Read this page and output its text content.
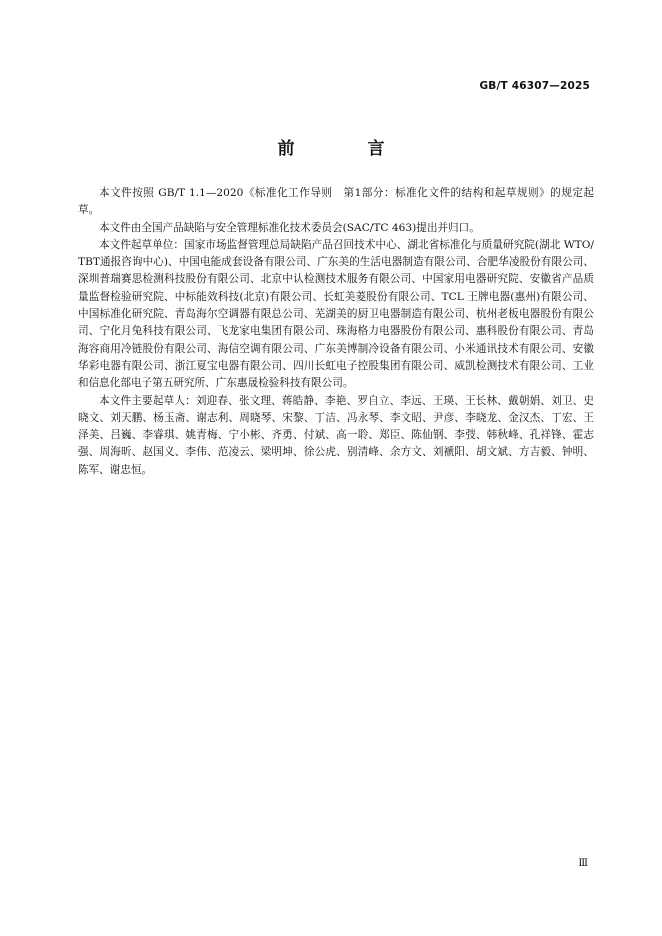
GB/T 46307—2025
前　言

本文件按照 GB/T 1.1—2020《标准化工作导则　第1部分：标准化文件的结构和起草规则》的规定起草。

本文件由全国产品缺陷与安全管理标准化技术委员会(SAC/TC 463)提出并归口。

本文件起草单位：国家市场监督管理总局缺陷产品召回技术中心、湖北省标准化与质量研究院(湖北 WTO/TBT通报咨询中心)、中国电能成套设备有限公司、广东美的生活电器制造有限公司、合肥华凌股份有限公司、深圳普瑞赛思检测科技股份有限公司、北京中认检测技术服务有限公司、中国家用电器研究院、安徽省产品质量监督检验研究院、中标能效科技(北京)有限公司、长虹美菱股份有限公司、TCL 王牌电器(惠州)有限公司、中国标准化研究院、青岛海尔空调器有限总公司、芜湖美的厨卫电器制造有限公司、杭州老板电器股份有限公司、宁化月兔科技有限公司、飞龙家电集团有限公司、珠海格力电器股份有限公司、惠科股份有限公司、青岛海容商用冷链股份有限公司、海信空调有限公司、广东美博制冷设备有限公司、小米通讯技术有限公司、安徽华彩电器有限公司、浙江夏宝电器有限公司、四川长虹电子控股集团有限公司、威凯检测技术有限公司、工业和信息化部电子第五研究所、广东惠晟检验科技有限公司。

本文件主要起草人：刘迎春、张文理、蒋皓静、李艳、罗自立、李远、王瑛、王长林、戴朝娟、刘卫、史晓文、刘天鹏、杨玉斋、谢志利、周晓琴、宋黎、丁洁、冯永琴、李文昭、尹彦、李晓龙、金汉杰、丁宏、王泽美、吕巍、李睿琪、姚青梅、宁小彬、齐勇、付斌、高一聆、郑臣、陈仙钢、李弢、韩秋峰、孔祥锋、霍志强、周海昕、赵国义、李伟、范凌云、梁明坤、徐公虎、别清峰、余方文、刘褫阳、胡文斌、方吉毅、钟明、陈军、谢忠恒。

Ⅲ
